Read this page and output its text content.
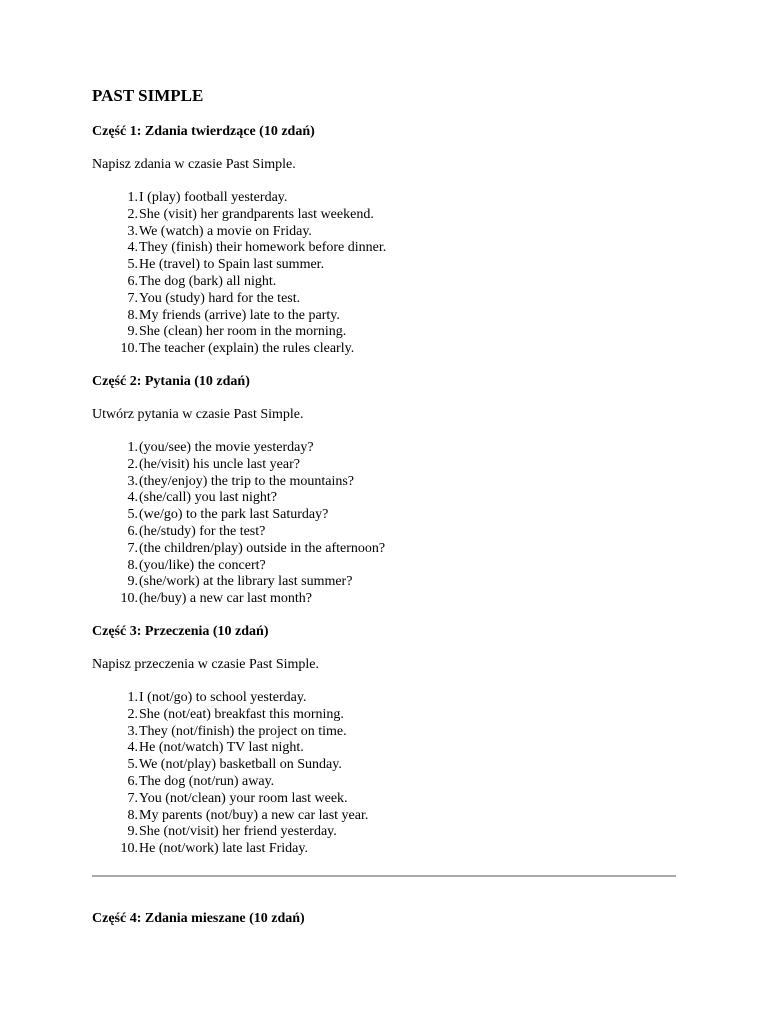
PAST SIMPLE
Część 1: Zdania twierdzące (10 zdań)

Napisz zdania w czasie Past Simple.

1. I (play) football yesterday.
2. She (visit) her grandparents last weekend.
3. We (watch) a movie on Friday.
4. They (finish) their homework before dinner.
5. He (travel) to Spain last summer.
6. The dog (bark) all night.
7. You (study) hard for the test.
8. My friends (arrive) late to the party.
9. She (clean) her room in the morning.
10. The teacher (explain) the rules clearly.
Część 2: Pytania (10 zdań)

Utwórz pytania w czasie Past Simple.

1. (you/see) the movie yesterday?
2. (he/visit) his uncle last year?
3. (they/enjoy) the trip to the mountains?
4. (she/call) you last night?
5. (we/go) to the park last Saturday?
6. (he/study) for the test?
7. (the children/play) outside in the afternoon?
8. (you/like) the concert?
9. (she/work) at the library last summer?
10. (he/buy) a new car last month?
Część 3: Przeczenia (10 zdań)

Napisz przeczenia w czasie Past Simple.

1. I (not/go) to school yesterday.
2. She (not/eat) breakfast this morning.
3. They (not/finish) the project on time.
4. He (not/watch) TV last night.
5. We (not/play) basketball on Sunday.
6. The dog (not/run) away.
7. You (not/clean) your room last week.
8. My parents (not/buy) a new car last year.
9. She (not/visit) her friend yesterday.
10. He (not/work) late last Friday.
Część 4: Zdania mieszane (10 zdań)
